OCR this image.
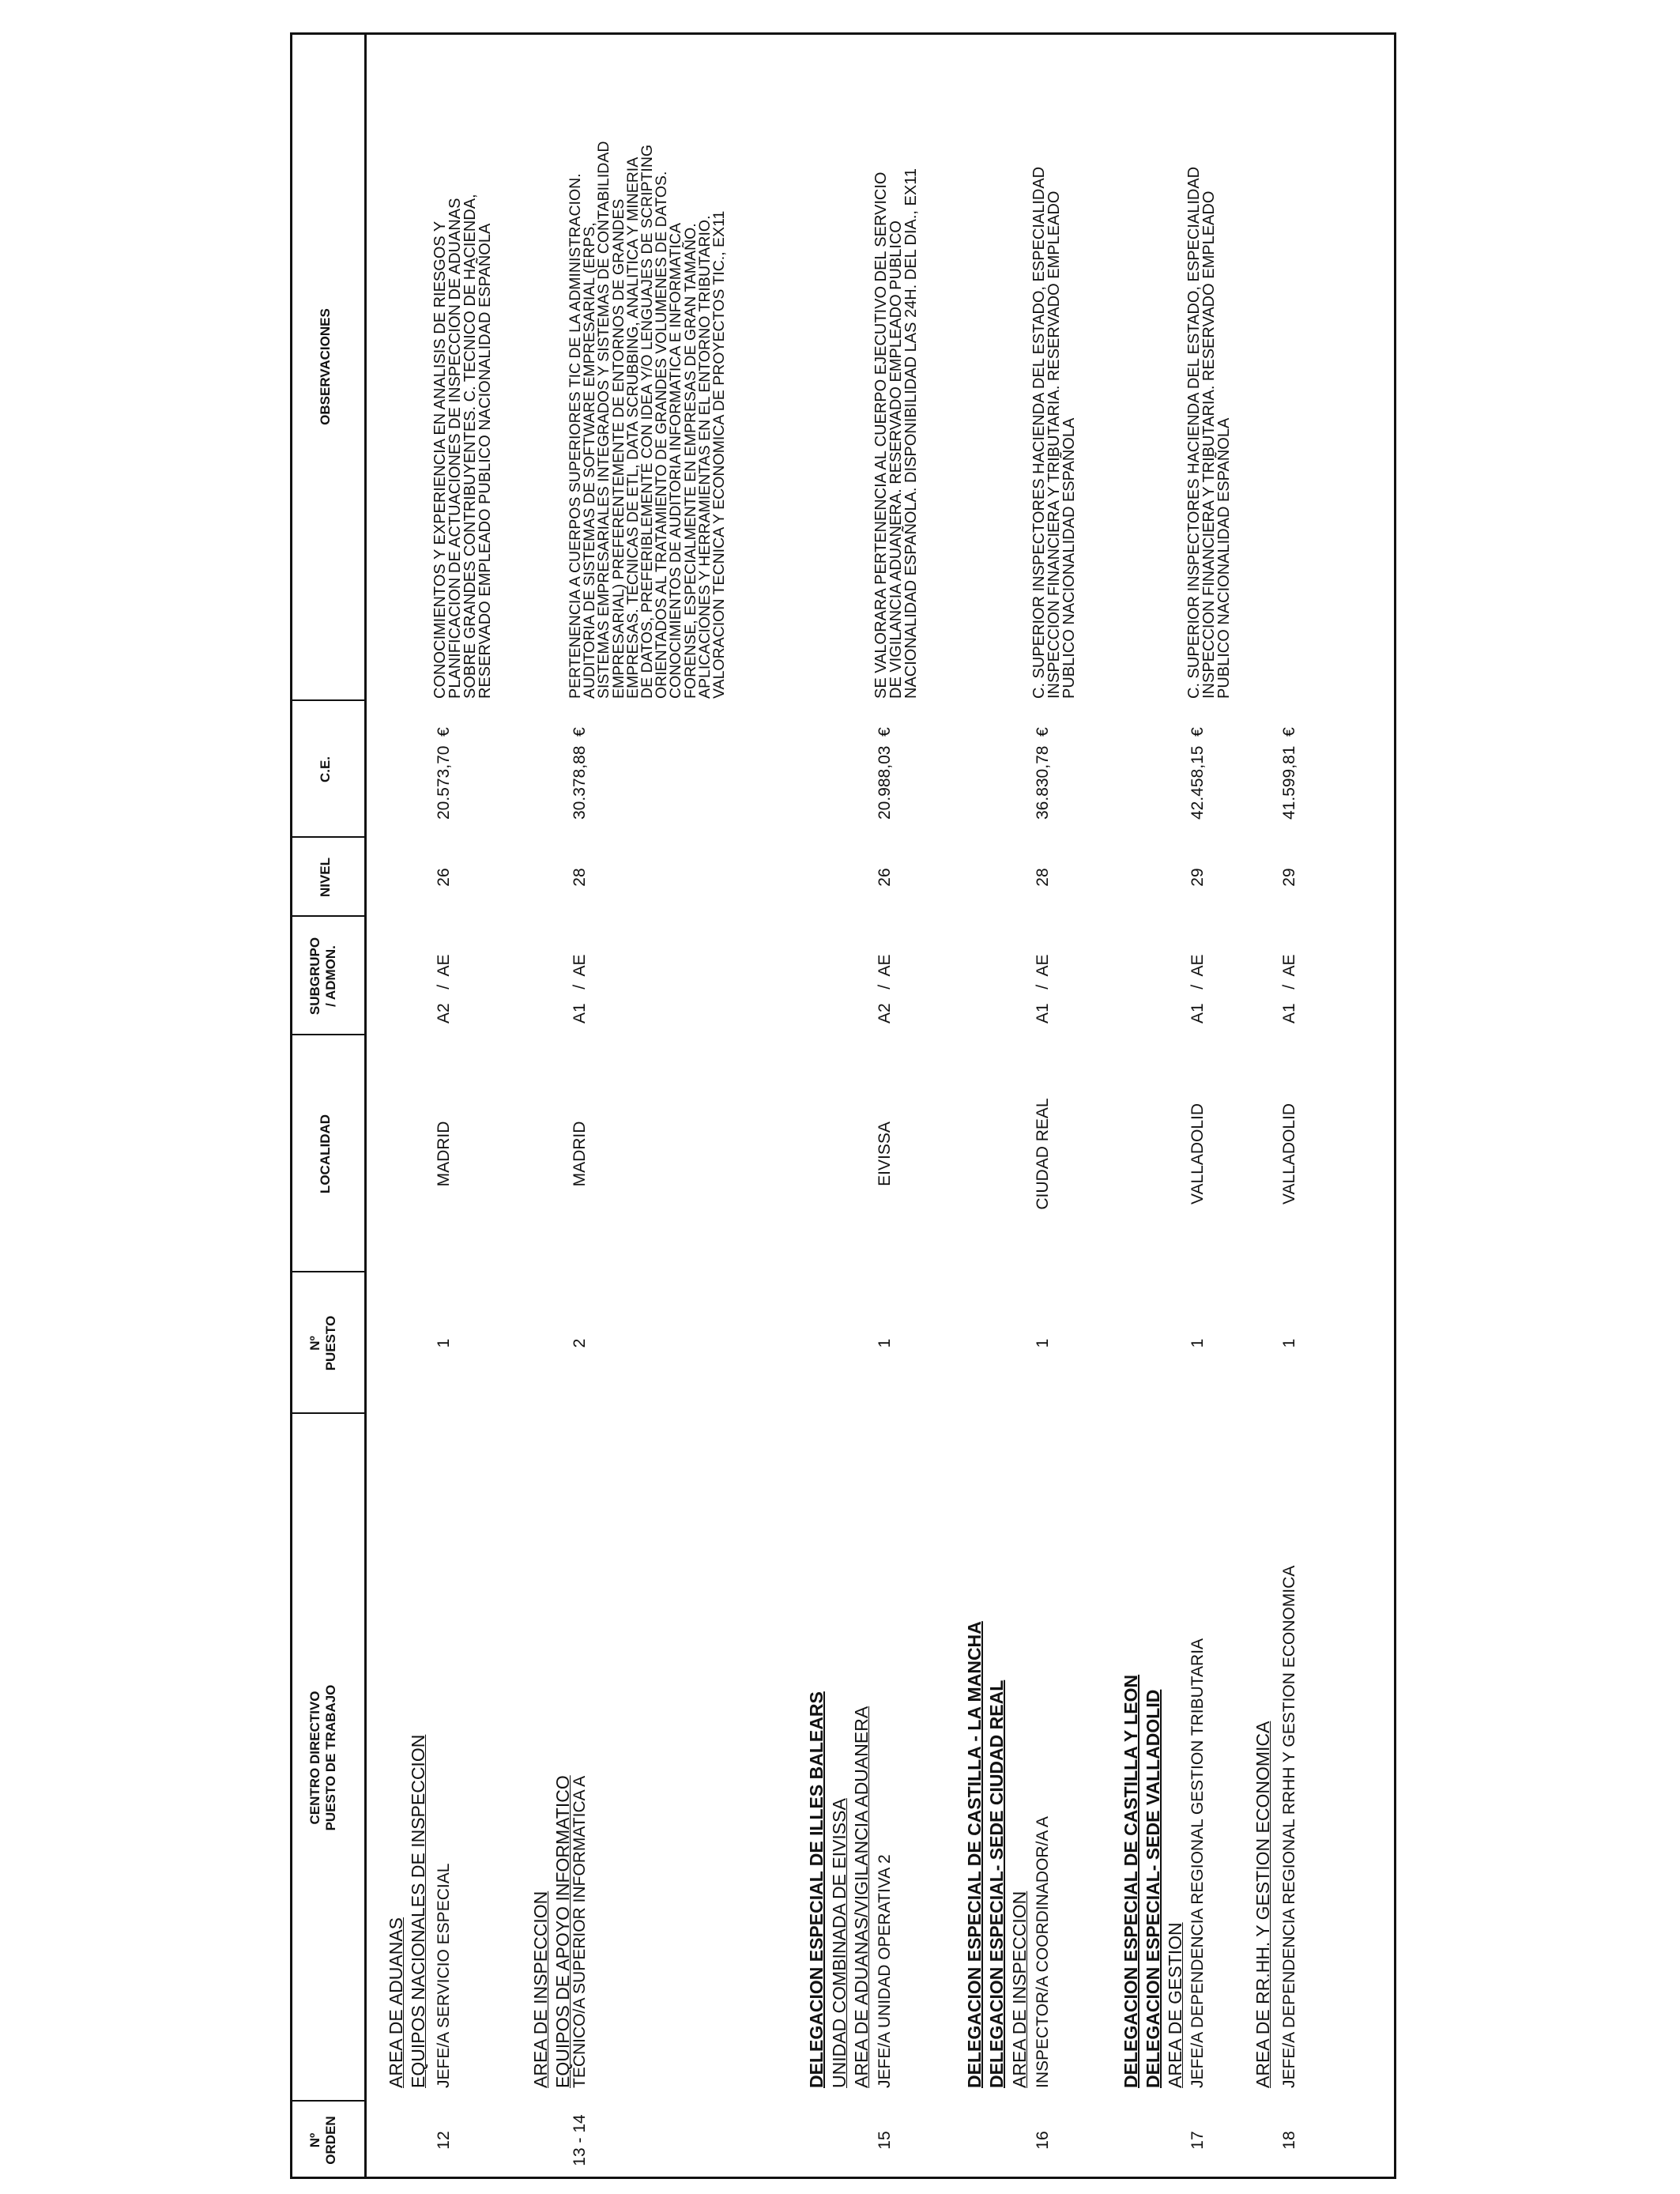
Nº ORDEN
CENTRO DIRECTIVO PUESTO DE TRABAJO
Nº PUESTO
LOCALIDAD
SUBGRUPO / ADMON.
NIVEL
C.E.
OBSERVACIONES
AREA DE ADUANAS EQUIPOS NACIONALES DE INSPECCION
12
JEFE/A SERVICIO ESPECIAL
1
MADRID
A2   /  AE
26
20.573,70  €
CONOCIMIENTOS Y EXPERIENCIA EN ANALISIS DE RIESGOS Y
PLANIFICACION DE ACTUACIONES DE INSPECCION DE ADUANAS
SOBRE GRANDES CONTRIBUYENTES. C. TECNICO DE HACIENDA,
RESERVADO EMPLEADO PUBLICO NACIONALIDAD ESPAÑOLA
AREA DE INSPECCION EQUIPOS DE APOYO INFORMATICO
13 - 14
TECNICO/A SUPERIOR INFORMATICA A
2
MADRID
A1   /  AE
28
30.378,88  €
PERTENENCIA A CUERPOS SUPERIORES TIC DE LA ADMINISTRACION.
AUDITORIA DE SISTEMAS DE SOFTWARE EMPRESARIAL (ERPS,
SISTEMAS EMPRESARIALES INTEGRADOS Y SISTEMAS DE CONTABILIDAD
EMPRESARIAL) PREFERENTEMENTE DE ENTORNOS DE GRANDES
EMPRESAS. TECNICAS DE ETL, DATA SCRUBBING, ANALITICA Y MINERIA
DE DATOS, PREFERIBLEMENTE CON IDEA Y/O LENGUAJES DE SCRIPTING
ORIENTADOS AL TRATAMIENTO DE GRANDES VOLUMENES DE DATOS.
CONOCIMIENTOS DE AUDITORIA INFORMATICA E INFORMATICA
FORENSE, ESPECIALMENTE EN EMPRESAS DE GRAN TAMAÑO.
APLICACIONES Y HERRAMIENTAS EN EL ENTORNO TRIBUTARIO.
VALORACION TECNICA Y ECONOMICA DE PROYECTOS TIC., EX11
DELEGACION ESPECIAL DE ILLES BALEARS UNIDAD COMBINADA DE EIVISSA AREA DE ADUANAS/VIGILANCIA ADUANERA
15
JEFE/A UNIDAD OPERATIVA 2
1
EIVISSA
A2   /  AE
26
20.988,03  €
SE VALORARA PERTENENCIA AL CUERPO EJECUTIVO DEL SERVICIO
DE VIGILANCIA ADUANERA. RESERVADO EMPLEADO PUBLICO
NACIONALIDAD ESPAÑOLA. DISPONIBILIDAD LAS 24H. DEL DIA., EX11
DELEGACION ESPECIAL DE CASTILLA - LA MANCHA DELEGACION ESPECIAL- SEDE CIUDAD REAL AREA DE INSPECCION
16
INSPECTOR/A COORDINADOR/A A
1
CIUDAD REAL
A1   /  AE
28
36.830,78  €
C. SUPERIOR INSPECTORES HACIENDA DEL ESTADO, ESPECIALIDAD
INSPECCION FINANCIERA Y TRIBUTARIA. RESERVADO EMPLEADO
PUBLICO NACIONALIDAD ESPAÑOLA
DELEGACION ESPECIAL DE CASTILLA Y LEON DELEGACION ESPECIAL- SEDE VALLADOLID AREA DE GESTION
17
JEFE/A DEPENDENCIA REGIONAL GESTION TRIBUTARIA
1
VALLADOLID
A1   /  AE
29
42.458,15  €
C. SUPERIOR INSPECTORES HACIENDA DEL ESTADO, ESPECIALIDAD
INSPECCION FINANCIERA Y TRIBUTARIA. RESERVADO EMPLEADO
PUBLICO NACIONALIDAD ESPAÑOLA
AREA DE RR.HH. Y GESTION ECONOMICA
18
JEFE/A DEPENDENCIA REGIONAL RRHH Y GESTION ECONOMICA
1
VALLADOLID
A1   /  AE
29
41.599,81  €
